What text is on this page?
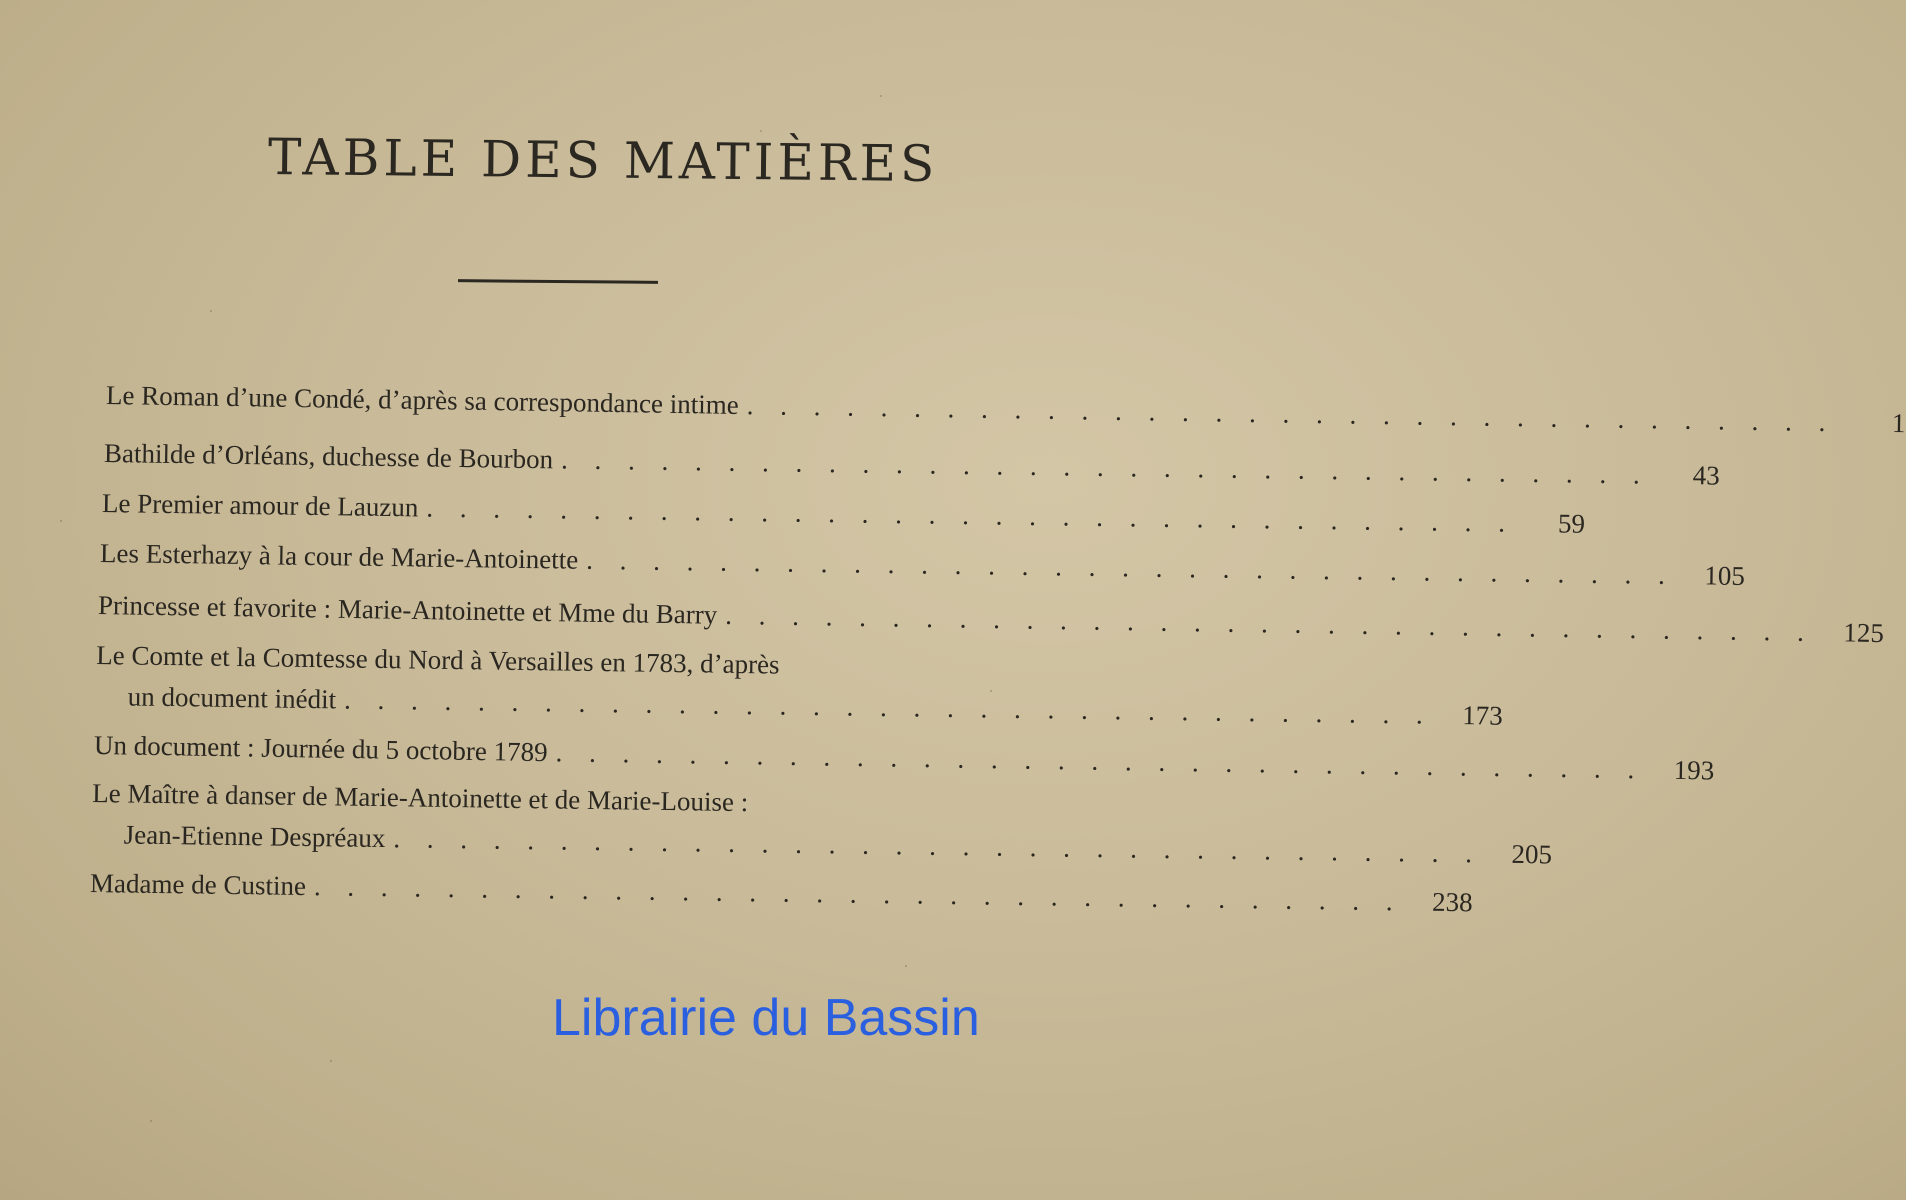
TABLE DES MATIÈRES
Le Roman d’une Condé, d’après sa correspondance intime . . . . . . . . . . . . . . . . . . . . . . . . . . . . . . . . .	1
Bathilde d’Orléans, duchesse de Bourbon . . . . . . . . . . . . . . . . . . . . . . . . . . . . . . . . .	43
Le Premier amour de Lauzun . . . . . . . . . . . . . . . . . . . . . . . . . . . . . . . . .	59
Les Esterhazy à la cour de Marie-Antoinette . . . . . . . . . . . . . . . . . . . . . . . . . . . . . . . . .	105
Princesse et favorite : Marie-Antoinette et Mme du Barry . . . . . . . . . . . . . . . . . . . . . . . . . . . . . . . . .	125
Le Comte et la Comtesse du Nord à Versailles en 1783, d’après
un document inédit . . . . . . . . . . . . . . . . . . . . . . . . . . . . . . . . .	173
Un document : Journée du 5 octobre 1789 . . . . . . . . . . . . . . . . . . . . . . . . . . . . . . . . .	193
Le Maître à danser de Marie-Antoinette et de Marie-Louise :
Jean-Etienne Despréaux . . . . . . . . . . . . . . . . . . . . . . . . . . . . . . . . .	205
Madame de Custine . . . . . . . . . . . . . . . . . . . . . . . . . . . . . . . . .	238
Librairie du Bassin
